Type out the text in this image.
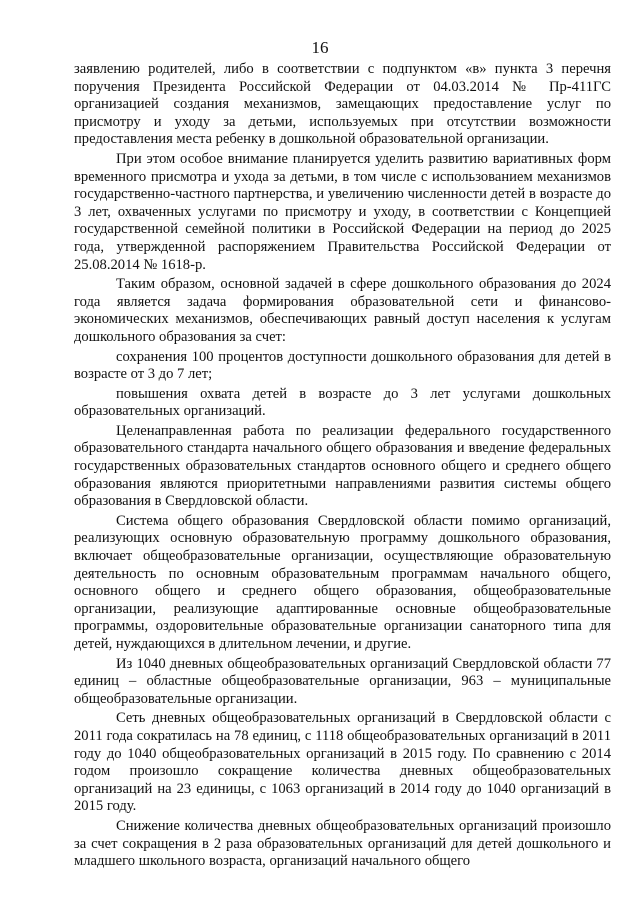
16

заявлению родителей, либо в соответствии с подпунктом «в» пункта 3 перечня поручения Президента Российской Федерации от 04.03.2014 № Пр-411ГС организацией создания механизмов, замещающих предоставление услуг по присмотру и уходу за детьми, используемых при отсутствии возможности предоставления места ребенку в дошкольной образовательной организации.

При этом особое внимание планируется уделить развитию вариативных форм временного присмотра и ухода за детьми, в том числе с использованием механизмов государственно-частного партнерства, и увеличению численности детей в возрасте до 3 лет, охваченных услугами по присмотру и уходу, в соответствии с Концепцией государственной семейной политики в Российской Федерации на период до 2025 года, утвержденной распоряжением Правительства Российской Федерации от 25.08.2014 № 1618-р.

Таким образом, основной задачей в сфере дошкольного образования до 2024 года является задача формирования образовательной сети и финансово-экономических механизмов, обеспечивающих равный доступ населения к услугам дошкольного образования за счет:

сохранения 100 процентов доступности дошкольного образования для детей в возрасте от 3 до 7 лет;

повышения охвата детей в возрасте до 3 лет услугами дошкольных образовательных организаций.

Целенаправленная работа по реализации федерального государственного образовательного стандарта начального общего образования и введение федеральных государственных образовательных стандартов основного общего и среднего общего образования являются приоритетными направлениями развития системы общего образования в Свердловской области.

Система общего образования Свердловской области помимо организаций, реализующих основную образовательную программу дошкольного образования, включает общеобразовательные организации, осуществляющие образовательную деятельность по основным образовательным программам начального общего, основного общего и среднего общего образования, общеобразовательные организации, реализующие адаптированные основные общеобразовательные программы, оздоровительные образовательные организации санаторного типа для детей, нуждающихся в длительном лечении, и другие.

Из 1040 дневных общеобразовательных организаций Свердловской области 77 единиц – областные общеобразовательные организации, 963 – муниципальные общеобразовательные организации.

Сеть дневных общеобразовательных организаций в Свердловской области с 2011 года сократилась на 78 единиц, с 1118 общеобразовательных организаций в 2011 году до 1040 общеобразовательных организаций в 2015 году. По сравнению с 2014 годом произошло сокращение количества дневных общеобразовательных организаций на 23 единицы, с 1063 организаций в 2014 году до 1040 организаций в 2015 году.

Снижение количества дневных общеобразовательных организаций произошло за счет сокращения в 2 раза образовательных организаций для детей дошкольного и младшего школьного возраста, организаций начального общего
